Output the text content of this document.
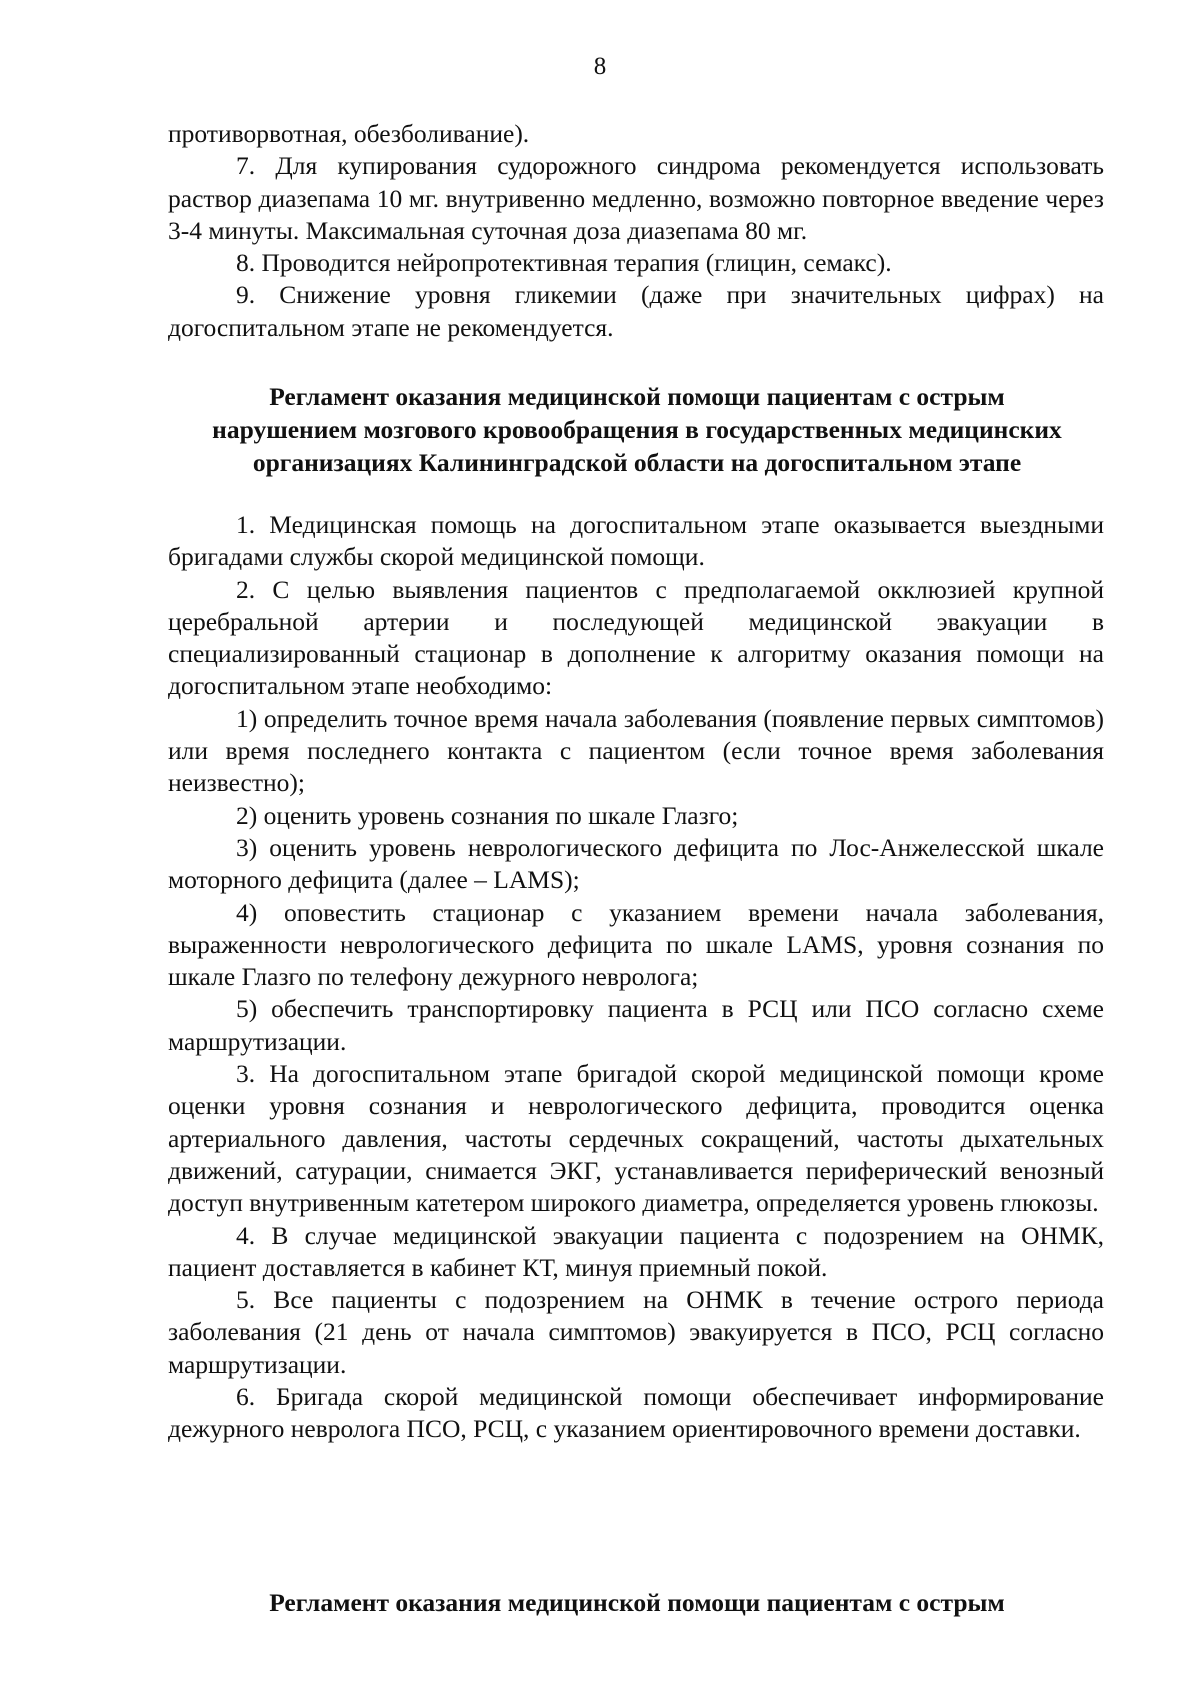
8

противорвотная, обезболивание).

7. Для купирования судорожного синдрома рекомендуется использовать раствор диазепама 10 мг. внутривенно медленно, возможно повторное введение через 3-4 минуты. Максимальная суточная доза диазепама 80 мг.

8. Проводится нейропротективная терапия (глицин, семакс).

9. Снижение уровня гликемии (даже при значительных цифрах) на догоспитальном этапе не рекомендуется.

Регламент оказания медицинской помощи пациентам с острым
нарушением мозгового кровообращения в государственных медицинских
организациях Калининградской области на догоспитальном этапе

1. Медицинская помощь на догоспитальном этапе оказывается выездными бригадами службы скорой медицинской помощи.

2. С целью выявления пациентов с предполагаемой окклюзией крупной церебральной артерии и последующей медицинской эвакуации в специализированный стационар в дополнение к алгоритму оказания помощи на догоспитальном этапе необходимо:

1) определить точное время начала заболевания (появление первых симптомов) или время последнего контакта с пациентом (если точное время заболевания неизвестно);

2) оценить уровень сознания по шкале Глазго;

3) оценить уровень неврологического дефицита по Лос-Анжелесской шкале моторного дефицита (далее – LAMS);

4) оповестить стационар с указанием времени начала заболевания, выраженности неврологического дефицита по шкале LAMS, уровня сознания по шкале Глазго по телефону дежурного невролога;

5) обеспечить транспортировку пациента в РСЦ или ПСО согласно схеме маршрутизации.

3. На догоспитальном этапе бригадой скорой медицинской помощи кроме оценки уровня сознания и неврологического дефицита, проводится оценка артериального давления, частоты сердечных сокращений, частоты дыхательных движений, сатурации, снимается ЭКГ, устанавливается периферический венозный доступ внутривенным катетером широкого диаметра, определяется уровень глюкозы.

4. В случае медицинской эвакуации пациента с подозрением на ОНМК, пациент доставляется в кабинет КТ, минуя приемный покой.

5. Все пациенты с подозрением на ОНМК в течение острого периода заболевания (21 день от начала симптомов) эвакуируется в ПСО, РСЦ согласно маршрутизации.

6. Бригада скорой медицинской помощи обеспечивает информирование дежурного невролога ПСО, РСЦ, с указанием ориентировочного времени доставки.

Регламент оказания медицинской помощи пациентам с острым
